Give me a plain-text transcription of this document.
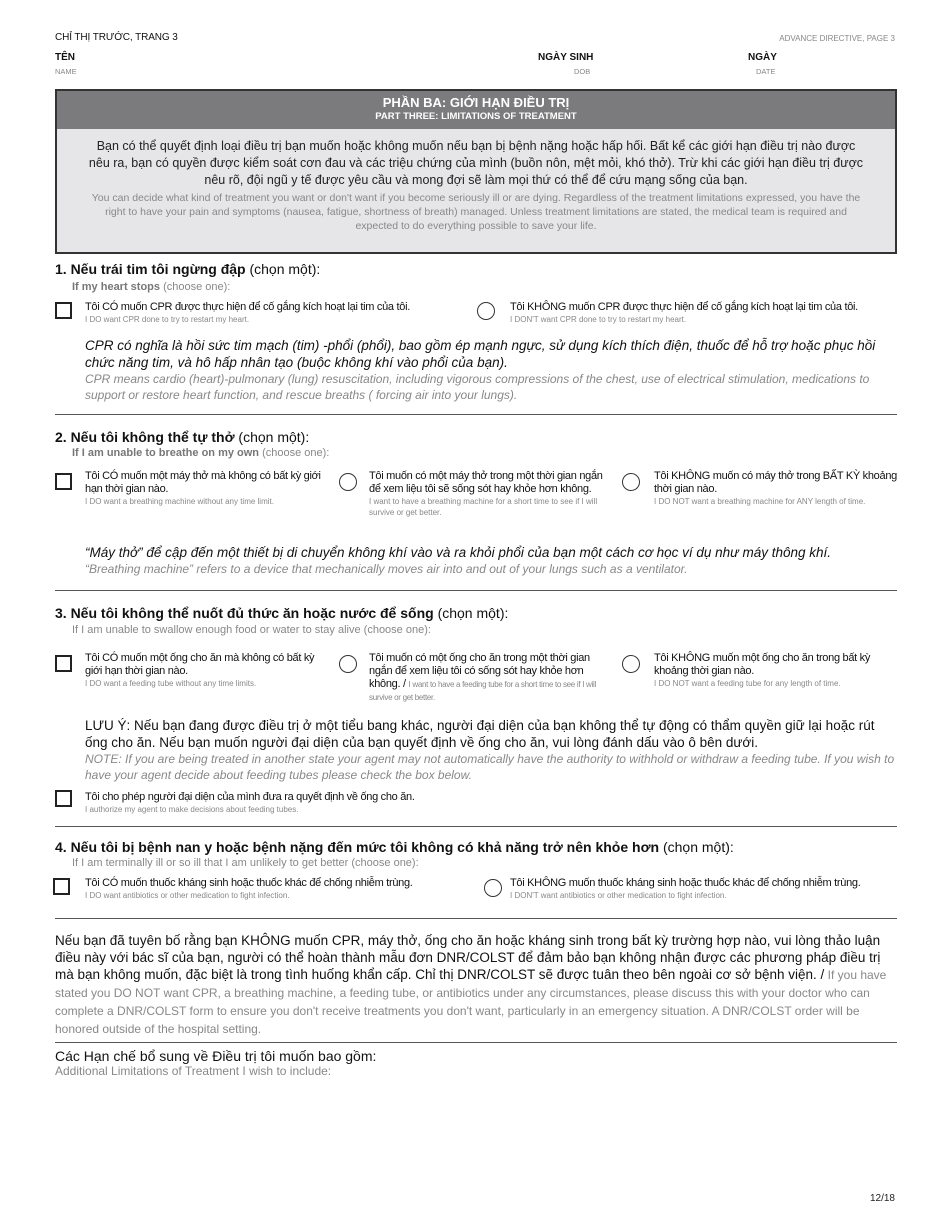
CHỈ THỊ TRƯỚC, TRANG 3	ADVANCE DIRECTIVE, PAGE 3
TÊN
NAME
NGÀY SINH
DOB
NGÀY
DATE
PHẦN BA: GIỚI HẠN ĐIỀU TRỊ
PART THREE: LIMITATIONS OF TREATMENT
Bạn có thể quyết định loại điều trị bạn muốn hoặc không muốn nếu bạn bị bệnh nặng hoặc hấp hối. Bất kể các giới hạn điều trị nào được nêu ra, bạn có quyền được kiểm soát cơn đau và các triệu chứng của mình (buồn nôn, mệt mỏi, khó thở). Trừ khi các giới hạn điều trị được nêu rõ, đội ngũ y tế được yêu cầu và mong đợi sẽ làm mọi thứ có thể để cứu mạng sống của bạn.
You can decide what kind of treatment you want or don't want if you become seriously ill or are dying. Regardless of the treatment limitations expressed, you have the right to have your pain and symptoms (nausea, fatigue, shortness of breath) managed. Unless treatment limitations are stated, the medical team is required and expected to do everything possible to save your life.
1. Nếu trái tim tôi ngừng đập (chọn một):
If my heart stops (choose one):
Tôi CÓ muốn CPR được thực hiện để cố gắng kích hoạt lại tim của tôi.
I DO want CPR done to try to restart my heart.
Tôi KHÔNG muốn CPR được thực hiện để cố gắng kích hoạt lại tim của tôi.
I DON'T want CPR done to try to restart my heart.
CPR có nghĩa là hồi sức tim mạch (tim) -phổi (phổi), bao gồm ép mạnh ngực, sử dụng kích thích điện, thuốc để hỗ trợ hoặc phục hồi chức năng tim, và hô hấp nhân tạo (buộc không khí vào phổi của bạn).
CPR means cardio (heart)-pulmonary (lung) resuscitation, including vigorous compressions of the chest, use of electrical stimulation, medications to support or restore heart function, and rescue breaths ( forcing air into your lungs).
2. Nếu tôi không thể tự thở (chọn một):
If I am unable to breathe on my own (choose one):
Tôi CÓ muốn một máy thở mà không có bất kỳ giới hạn thời gian nào.
I DO want a breathing machine without any time limit.
Tôi muốn có một máy thở trong một thời gian ngắn để xem liệu tôi sẽ sống sót hay khỏe hơn không.
I want to have a breathing machine for a short time to see if I will survive or get better.
Tôi KHÔNG muốn có máy thở trong BẤT KỲ khoảng thời gian nào.
I DO NOT want a breathing machine for ANY length of time.
“Máy thở” để cập đến một thiết bị di chuyển không khí vào và ra khỏi phổi của bạn một cách cơ học ví dụ như máy thông khí.
“Breathing machine” refers to a device that mechanically moves air into and out of your lungs such as a ventilator.
3. Nếu tôi không thể nuốt đủ thức ăn hoặc nước để sống (chọn một):
If I am unable to swallow enough food or water to stay alive (choose one):
Tôi CÓ muốn một ống cho ăn mà không có bất kỳ giới hạn thời gian nào.
I DO want a feeding tube without any time limits.
Tôi muốn có một ống cho ăn trong một thời gian ngắn để xem liệu tôi có sống sót hay khỏe hơn không. / I want to have a feeding tube for a short time to see if I will survive or get better.
Tôi KHÔNG muốn một ống cho ăn trong bất kỳ khoảng thời gian nào.
I DO NOT want a feeding tube for any length of time.
LƯU Ý: Nếu bạn đang được điều trị ở một tiểu bang khác, người đại diện của bạn không thể tự động có thẩm quyền giữ lại hoặc rút ống cho ăn. Nếu bạn muốn người đại diện của bạn quyết định về ống cho ăn, vui lòng đánh dấu vào ô bên dưới.
NOTE: If you are being treated in another state your agent may not automatically have the authority to withhold or withdraw a feeding tube. If you wish to have your agent decide about feeding tubes please check the box below.
Tôi cho phép người đại diện của mình đưa ra quyết định về ống cho ăn.
I authorize my agent to make decisions about feeding tubes.
4. Nếu tôi bị bệnh nan y hoặc bệnh nặng đến mức tôi không có khả năng trở nên khỏe hơn (chọn một):
If I am terminally ill or so ill that I am unlikely to get better (choose one):
Tôi CÓ muốn thuốc kháng sinh hoặc thuốc khác để chống nhiễm trùng.
I DO want antibiotics or other medication to fight infection.
Tôi KHÔNG muốn thuốc kháng sinh hoặc thuốc khác để chống nhiễm trùng.
I DON'T want antibiotics or other medication to fight infection.
Nếu bạn đã tuyên bố rằng bạn KHÔNG muốn CPR, máy thở, ống cho ăn hoặc kháng sinh trong bất kỳ trường hợp nào, vui lòng thảo luận điều này với bác sĩ của bạn, người có thể hoàn thành mẫu đơn DNR/COLST để đảm bảo bạn không nhận được các phương pháp điều trị mà bạn không muốn, đặc biệt là trong tình huống khẩn cấp. Chỉ thị DNR/COLST sẽ được tuân theo bên ngoài cơ sở bệnh viện. / If you have stated you DO NOT want CPR, a breathing machine, a feeding tube, or antibiotics under any circumstances, please discuss this with your doctor who can complete a DNR/COLST form to ensure you don't receive treatments you don't want, particularly in an emergency situation. A DNR/COLST order will be honored outside of the hospital setting.
Các Hạn chế bổ sung về Điều trị tôi muốn bao gồm:
Additional Limitations of Treatment I wish to include:
12/18
